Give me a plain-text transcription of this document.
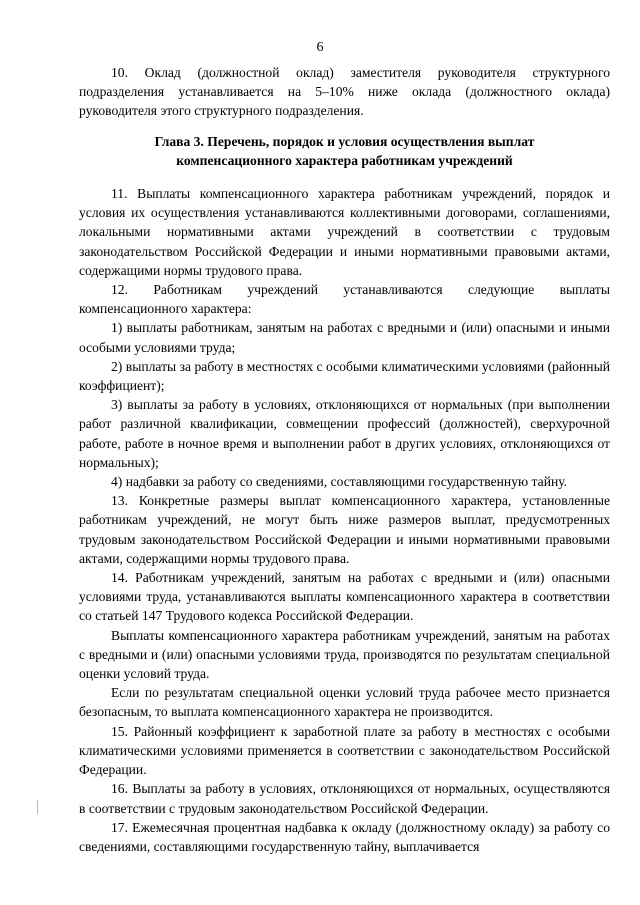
6

10. Оклад (должностной оклад) заместителя руководителя структурного подразделения устанавливается на 5–10% ниже оклада (должностного оклада) руководителя этого структурного подразделения.

Глава 3. Перечень, порядок и условия осуществления выплат

компенсационного характера работникам учреждений

11. Выплаты компенсационного характера работникам учреждений, порядок и условия их осуществления устанавливаются коллективными договорами, соглашениями, локальными нормативными актами учреждений в соответствии с трудовым законодательством Российской Федерации и иными нормативными правовыми актами, содержащими нормы трудового права.

12. Работникам учреждений устанавливаются следующие выплаты компенсационного характера:

1) выплаты работникам, занятым на работах с вредными и (или) опасными и иными особыми условиями труда;

2) выплаты за работу в местностях с особыми климатическими условиями (районный коэффициент);

3) выплаты за работу в условиях, отклоняющихся от нормальных (при выполнении работ различной квалификации, совмещении профессий (должностей), сверхурочной работе, работе в ночное время и выполнении работ в других условиях, отклоняющихся от нормальных);

4) надбавки за работу со сведениями, составляющими государственную тайну.

13. Конкретные размеры выплат компенсационного характера, установленные работникам учреждений, не могут быть ниже размеров выплат, предусмотренных трудовым законодательством Российской Федерации и иными нормативными правовыми актами, содержащими нормы трудового права.

14. Работникам учреждений, занятым на работах с вредными и (или) опасными условиями труда, устанавливаются выплаты компенсационного характера в соответствии со статьей 147 Трудового кодекса Российской Федерации.

Выплаты компенсационного характера работникам учреждений, занятым на работах с вредными и (или) опасными условиями труда, производятся по результатам специальной оценки условий труда.

Если по результатам специальной оценки условий труда рабочее место признается безопасным, то выплата компенсационного характера не производится.

15. Районный коэффициент к заработной плате за работу в местностях с особыми климатическими условиями применяется в соответствии с законодательством Российской Федерации.

16. Выплаты за работу в условиях, отклоняющихся от нормальных, осуществляются в соответствии с трудовым законодательством Российской Федерации.

17. Ежемесячная процентная надбавка к окладу (должностному окладу) за работу со сведениями, составляющими государственную тайну, выплачивается
